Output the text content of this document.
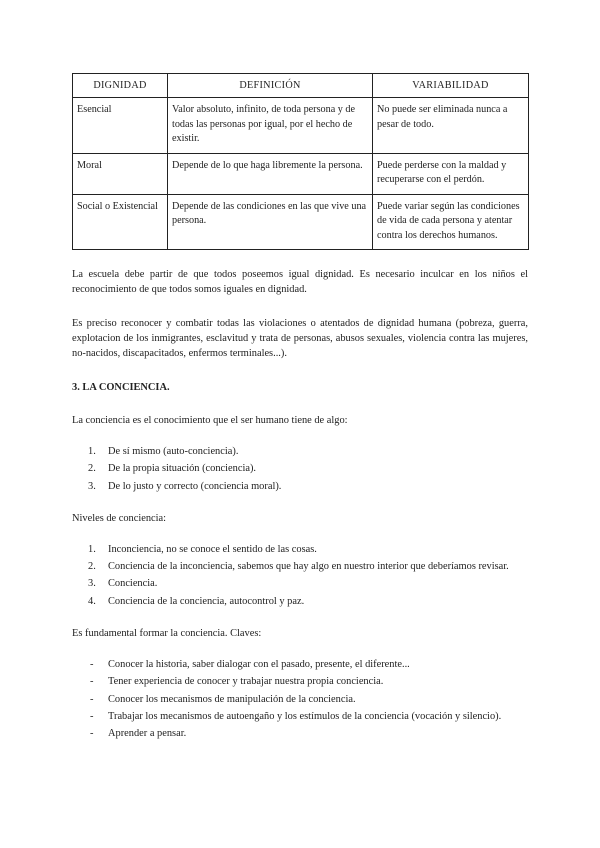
DIGNIDAD	DEFINICIÓN	VARIABILIDAD
Esencial	Valor absoluto, infinito, de toda persona y de todas las personas por igual, por el hecho de existir.	No puede ser eliminada nunca a pesar de todo.
Moral	Depende de lo que haga libremente la persona.	Puede perderse con la maldad y recuperarse con el perdón.
Social o Existencial	Depende de las condiciones en las que vive una persona.	Puede variar según las condiciones de vida de cada persona y atentar contra los derechos humanos.

La escuela debe partir de que todos poseemos igual dignidad. Es necesario inculcar en los niños el reconocimiento de que todos somos iguales en dignidad.

Es preciso reconocer y combatir todas las violaciones o atentados de dignidad humana (pobreza, guerra, explotacion de los inmigrantes, esclavitud y trata de personas, abusos sexuales, violencia contra las mujeres, no-nacidos, discapacitados, enfermos terminales...).

3. LA CONCIENCIA.

La conciencia es el conocimiento que el ser humano tiene de algo:

1. De sí mismo (auto-conciencia).
2. De la propia situación (conciencia).
3. De lo justo y correcto (conciencia moral).

Niveles de conciencia:

1. Inconciencia, no se conoce el sentido de las cosas.
2. Conciencia de la inconciencia, sabemos que hay algo en nuestro interior que deberíamos revisar.
3. Conciencia.
4. Conciencia de la conciencia, autocontrol y paz.

Es fundamental formar la conciencia. Claves:

- Conocer la historia, saber dialogar con el pasado, presente, el diferente...
- Tener experiencia de conocer y trabajar nuestra propia conciencia.
- Conocer los mecanismos de manipulación de la conciencia.
- Trabajar los mecanismos de autoengaño y los estímulos de la conciencia (vocación y silencio).
- Aprender a pensar.
